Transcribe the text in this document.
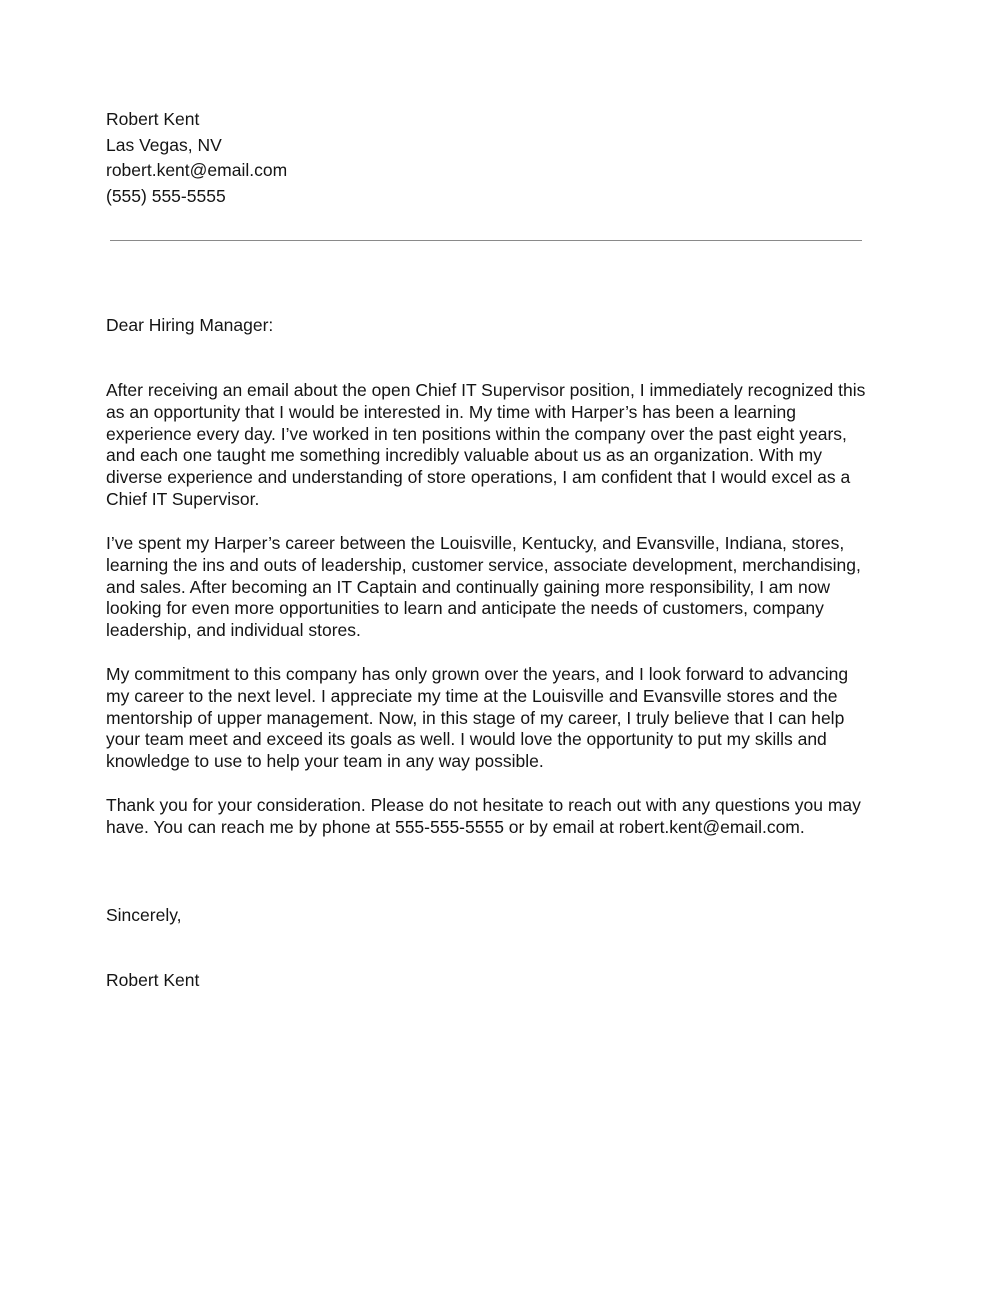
Robert Kent
Las Vegas, NV
robert.kent@email.com
(555) 555-5555
Dear Hiring Manager:

After receiving an email about the open Chief IT Supervisor position, I immediately recognized this as an opportunity that I would be interested in. My time with Harper’s has been a learning experience every day. I’ve worked in ten positions within the company over the past eight years, and each one taught me something incredibly valuable about us as an organization. With my diverse experience and understanding of store operations, I am confident that I would excel as a Chief IT Supervisor.

I’ve spent my Harper’s career between the Louisville, Kentucky, and Evansville, Indiana, stores, learning the ins and outs of leadership, customer service, associate development, merchandising, and sales. After becoming an IT Captain and continually gaining more responsibility, I am now looking for even more opportunities to learn and anticipate the needs of customers, company leadership, and individual stores.

My commitment to this company has only grown over the years, and I look forward to advancing my career to the next level. I appreciate my time at the Louisville and Evansville stores and the mentorship of upper management. Now, in this stage of my career, I truly believe that I can help your team meet and exceed its goals as well. I would love the opportunity to put my skills and knowledge to use to help your team in any way possible.

Thank you for your consideration. Please do not hesitate to reach out with any questions you may have. You can reach me by phone at 555-555-5555 or by email at robert.kent@email.com.

Sincerely,
Robert Kent
